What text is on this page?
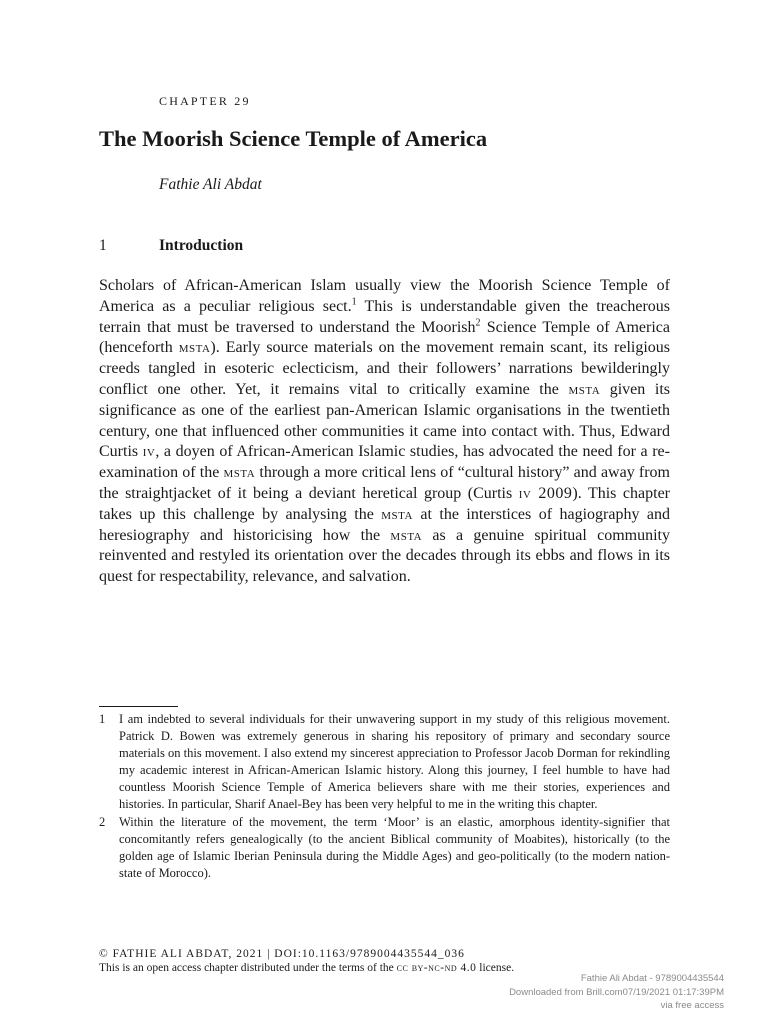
CHAPTER 29
The Moorish Science Temple of America
Fathie Ali Abdat
1	Introduction

Scholars of African-American Islam usually view the Moorish Science Temple of America as a peculiar religious sect.$^1$ This is understandable given the treacherous terrain that must be traversed to understand the Moorish$^2$ Science Temple of America (henceforth msta). Early source materials on the movement remain scant, its religious creeds tangled in esoteric eclecticism, and their followers’ narrations bewilderingly conflict one other. Yet, it remains vital to critically examine the msta given its significance as one of the earliest pan-American Islamic organisations in the twentieth century, one that influenced other communities it came into contact with. Thus, Edward Curtis iv, a doyen of African-American Islamic studies, has advocated the need for a re-examination of the msta through a more critical lens of “cultural history” and away from the straightjacket of it being a deviant heretical group (Curtis iv 2009). This chapter takes up this challenge by analysing the msta at the interstices of hagiography and heresiography and historicising how the msta as a genuine spiritual community reinvented and restyled its orientation over the decades through its ebbs and flows in its quest for respectability, relevance, and salvation.

1 I am indebted to several individuals for their unwavering support in my study of this religious movement. Patrick D. Bowen was extremely generous in sharing his repository of primary and secondary source materials on this movement. I also extend my sincerest appreciation to Professor Jacob Dorman for rekindling my academic interest in African-American Islamic history. Along this journey, I feel humble to have had countless Moorish Science Temple of America believers share with me their stories, experiences and histories. In particular, Sharif Anael-Bey has been very helpful to me in the writing this chapter.

2 Within the literature of the movement, the term ‘Moor’ is an elastic, amorphous identity-signifier that concomitantly refers genealogically (to the ancient Biblical community of Moabites), historically (to the golden age of Islamic Iberian Peninsula during the Middle Ages) and geo-politically (to the modern nation-state of Morocco).

© FATHIE ALI ABDAT, 2021 | DOI:10.1163/9789004435544_036
This is an open access chapter distributed under the terms of the cc by-nc-nd 4.0 license.
Fathie Ali Abdat - 9789004435544
Downloaded from Brill.com07/19/2021 01:17:39PM
via free access
